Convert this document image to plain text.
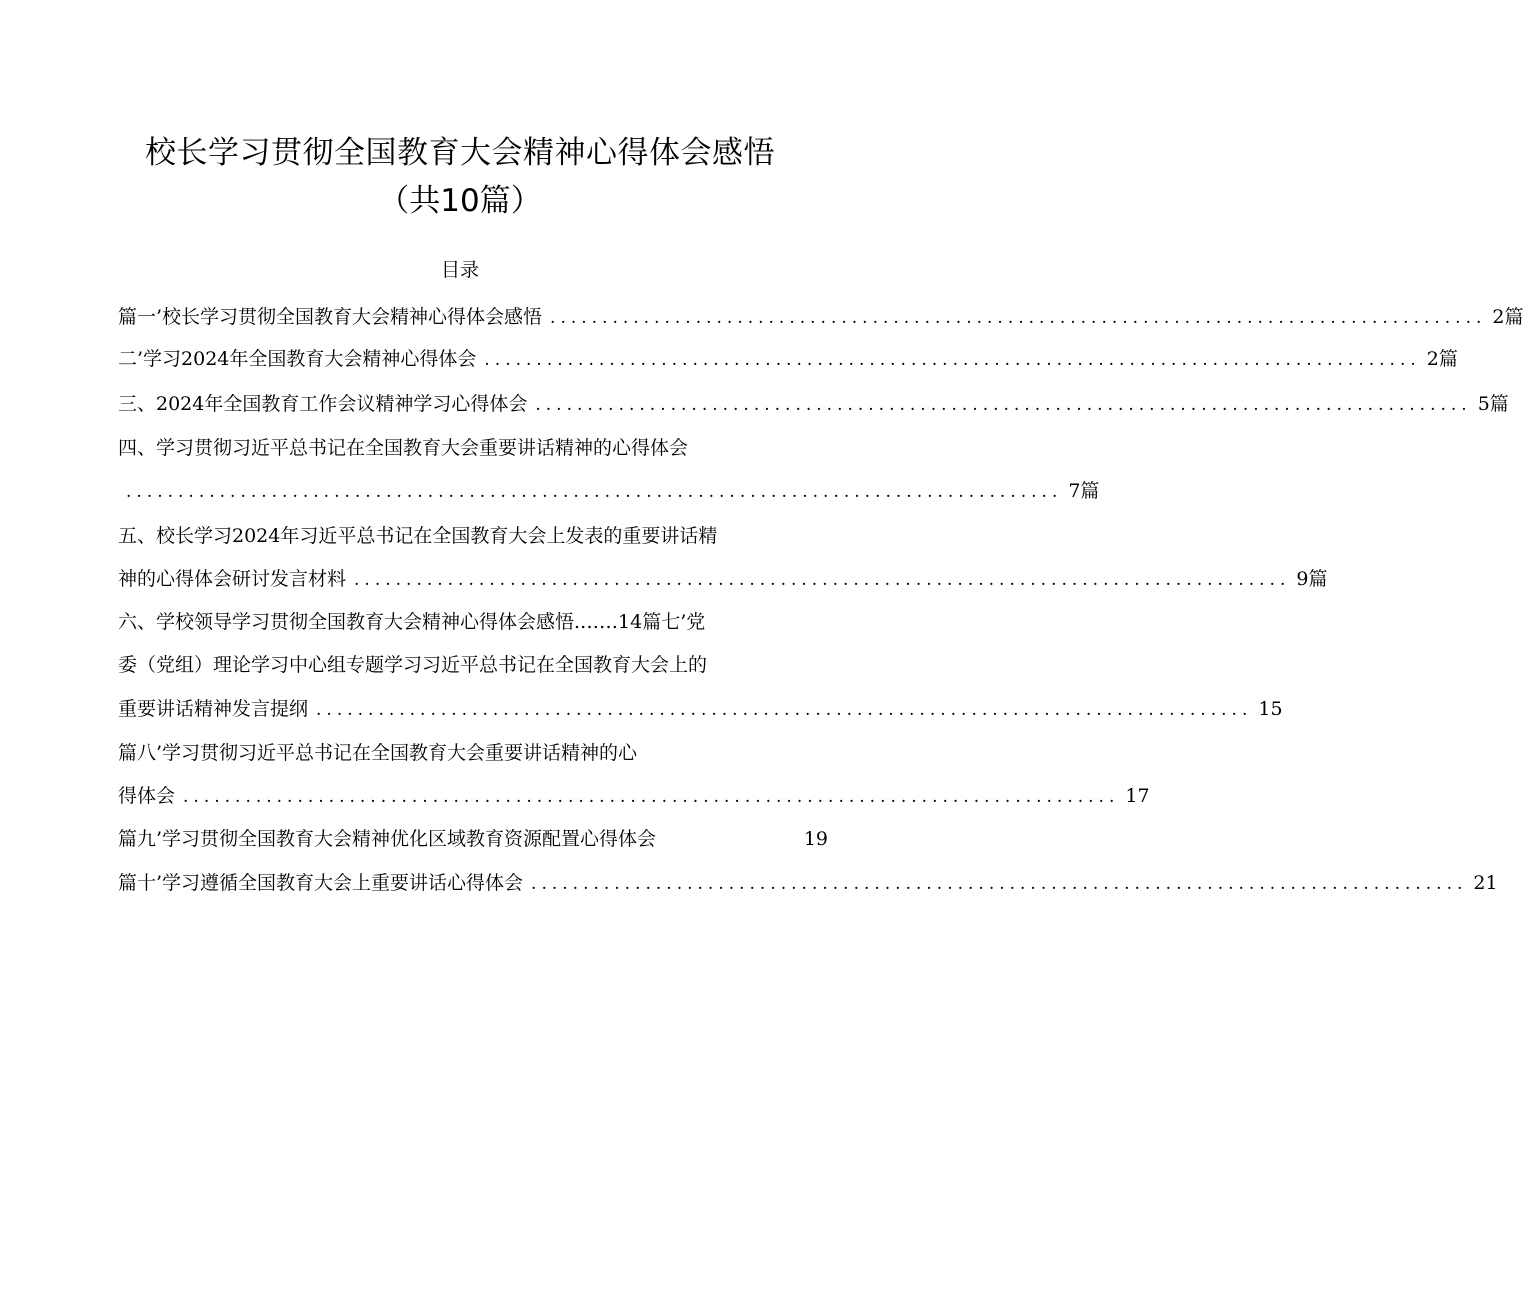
校长学习贯彻全国教育大会精神心得体会感悟
（共10篇）
目录
篇一’校长学习贯彻全国教育大会精神心得体会感悟 .......................................................................................... 2篇
二’学习2024年全国教育大会精神心得体会 .......................................................................................... 2篇
三、2024年全国教育工作会议精神学习心得体会 .......................................................................................... 5篇
四、学习贯彻习近平总书记在全国教育大会重要讲话精神的心得体会
.......................................................................................... 7篇
五、校长学习2024年习近平总书记在全国教育大会上发表的重要讲话精
神的心得体会研讨发言材料 .......................................................................................... 9篇
六、学校领导学习贯彻全国教育大会精神心得体会感悟.……14篇七’党
委（党组）理论学习中心组专题学习习近平总书记在全国教育大会上的
重要讲话精神发言提纲 .......................................................................................... 15
篇八’学习贯彻习近平总书记在全国教育大会重要讲话精神的心
得体会 .......................................................................................... 17
篇九’学习贯彻全国教育大会精神优化区域教育资源配置心得体会	19
篇十’学习遵循全国教育大会上重要讲话心得体会 .......................................................................................... 21
